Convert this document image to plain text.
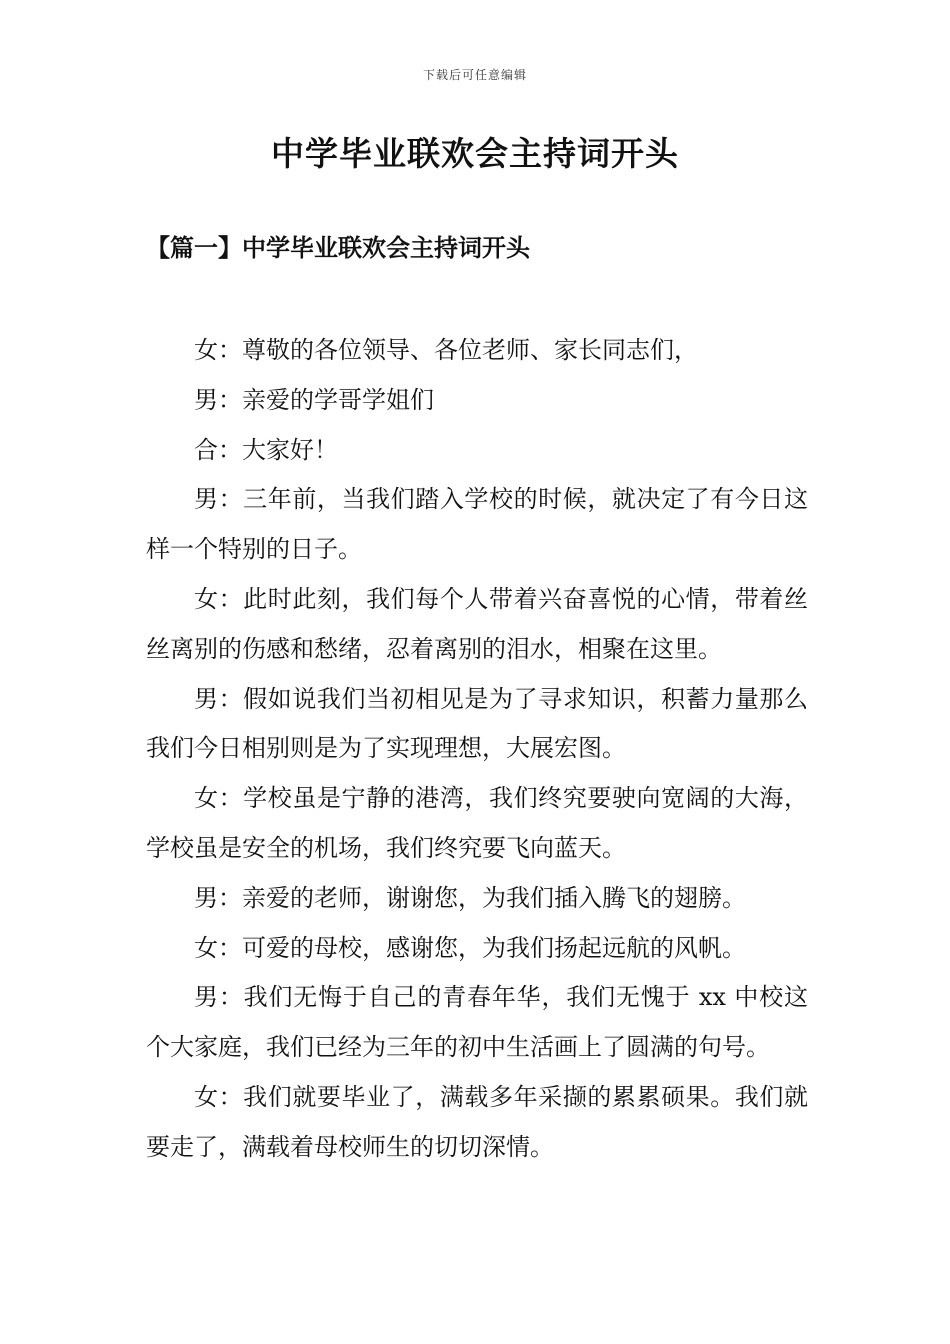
下载后可任意编辑
中学毕业联欢会主持词开头
【篇一】中学毕业联欢会主持词开头

女：尊敬的各位领导、各位老师、家长同志们，

男：亲爱的学哥学姐们

合：大家好！

男：三年前，当我们踏入学校的时候，就决定了有今日这样一个特别的日子。

女：此时此刻，我们每个人带着兴奋喜悦的心情，带着丝丝离别的伤感和愁绪，忍着离别的泪水，相聚在这里。

男：假如说我们当初相见是为了寻求知识，积蓄力量那么我们今日相别则是为了实现理想，大展宏图。

女：学校虽是宁静的港湾，我们终究要驶向宽阔的大海，学校虽是安全的机场，我们终究要飞向蓝天。

男：亲爱的老师，谢谢您，为我们插入腾飞的翅膀。

女：可爱的母校，感谢您，为我们扬起远航的风帆。

男：我们无悔于自己的青春年华，我们无愧于 xx 中校这个大家庭，我们已经为三年的初中生活画上了圆满的句号。

女：我们就要毕业了，满载多年采撷的累累硕果。我们就要走了，满载着母校师生的切切深情。
